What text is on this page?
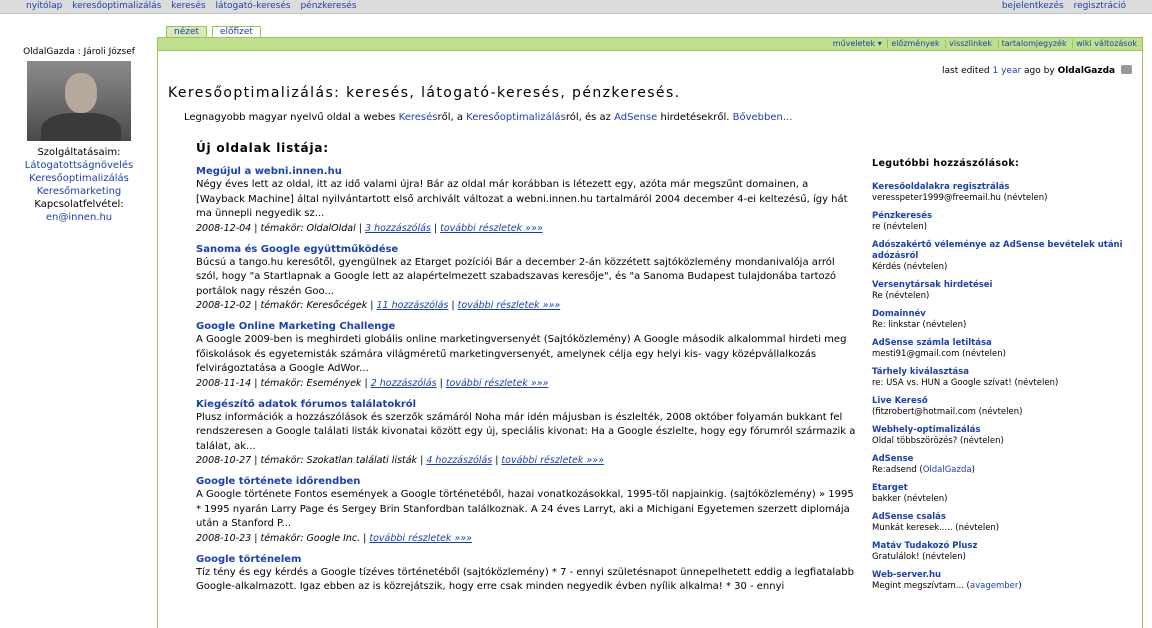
nyitólap keresőoptimalizálás keresés látogató-keresés pénzkeresés	bejelentkezés regisztráció
OldalGazda : Jároli József
Szolgáltatásaim:
Látogatottságnövelés
Keresőoptimalizálás
Keresőmarketing
Kapcsolatfelvétel:
en@innen.hu
nézet előfizet
műveletek ▾ előzmények visszlinkek tartalomjegyzék wiki változások
last edited 1 year ago by OldalGazda
Keresőoptimalizálás: keresés, látogató-keresés, pénzkeresés.
Legnagyobb magyar nyelvű oldal a webes Keresésről, a Keresőoptimalizálásról, és az AdSense hirdetésekről. Bővebben...
Új oldalak listája:
Megújul a webni.innen.hu
Négy éves lett az oldal, itt az idő valami újra! Bár az oldal már korábban is létezett egy, azóta már megszűnt domainen, a [Wayback Machine] által nyilvántartott első archivált változat a webni.innen.hu tartalmáról 2004 december 4-ei keltezésű, így hát ma ünnepli negyedik sz...
2008-12-04 | témakör: OldalOldal | 3 hozzászólás | további részletek »»»
Sanoma és Google együttműködése
Búcsú a tango.hu keresőtől, gyengülnek az Etarget pozíciói Bár a december 2-án közzétett sajtóközlemény mondanivalója arról szól, hogy "a Startlapnak a Google lett az alapértelmezett szabadszavas keresője", és "a Sanoma Budapest tulajdonába tartozó portálok nagy részén Goo...
2008-12-02 | témakör: Keresőcégek | 11 hozzászólás | további részletek »»»
Google Online Marketing Challenge
A Google 2009-ben is meghirdeti globális online marketingversenyét (Sajtóközlemény) A Google második alkalommal hirdeti meg főiskolások és egyetemisták számára világméretű marketingversenyét, amelynek célja egy helyi kis- vagy középvállalkozás felvirágoztatása a Google AdWor...
2008-11-14 | témakör: Események | 2 hozzászólás | további részletek »»»
Kiegészítő adatok fórumos találatokról
Plusz információk a hozzászólások és szerzők számáról Noha már idén májusban is észlelték, 2008 október folyamán bukkant fel rendszeresen a Google találati listák kivonatai között egy új, speciális kivonat: Ha a Google észlelte, hogy egy fórumról származik a találat, ak...
2008-10-27 | témakör: Szokatlan találati listák | 4 hozzászólás | további részletek »»»
Google története időrendben
A Google története Fontos események a Google történetéből, hazai vonatkozásokkal, 1995-től napjainkig. (sajtóközlemény) » 1995 * 1995 nyarán Larry Page és Sergey Brin Stanfordban találkoznak. A 24 éves Larryt, aki a Michigani Egyetemen szerzett diplomája után a Stanford P...
2008-10-23 | témakör: Google Inc. | további részletek »»»
Google történelem
Tíz tény és egy kérdés a Google tízéves történetéből (sajtóközlemény) * 7 - ennyi születésnapot ünnepelhetett eddig a legfiatalabb Google-alkalmazott. Igaz ebben az is közrejátszik, hogy erre csak minden negyedik évben nyílik alkalma! * 30 - ennyi
Legutóbbi hozzászólások:
Keresőoldalakra regisztrálás
veresspeter1999@freemail.hu (névtelen)
Pénzkeresés
re (névtelen)
Adószakértő véleménye az AdSense bevételek utáni adózásról
Kérdés (névtelen)
Versenytársak hirdetései
Re (névtelen)
Domainnév
Re: linkstar (névtelen)
AdSense számla letiltása
mesti91@gmail.com (névtelen)
Tárhely kiválasztása
re: USA vs. HUN a Google szívat! (névtelen)
Live Kereső
(fitzrobert@hotmail.com (névtelen)
Webhely-optimalizálás
Oldal többszörözés? (névtelen)
AdSense
Re:adsend (OldalGazda)
Etarget
bakker (névtelen)
AdSense csalás
Munkát keresek..... (névtelen)
Matáv Tudakozó Plusz
Gratulálok! (névtelen)
Web-server.hu
Megint megszívtam... (avagember)
